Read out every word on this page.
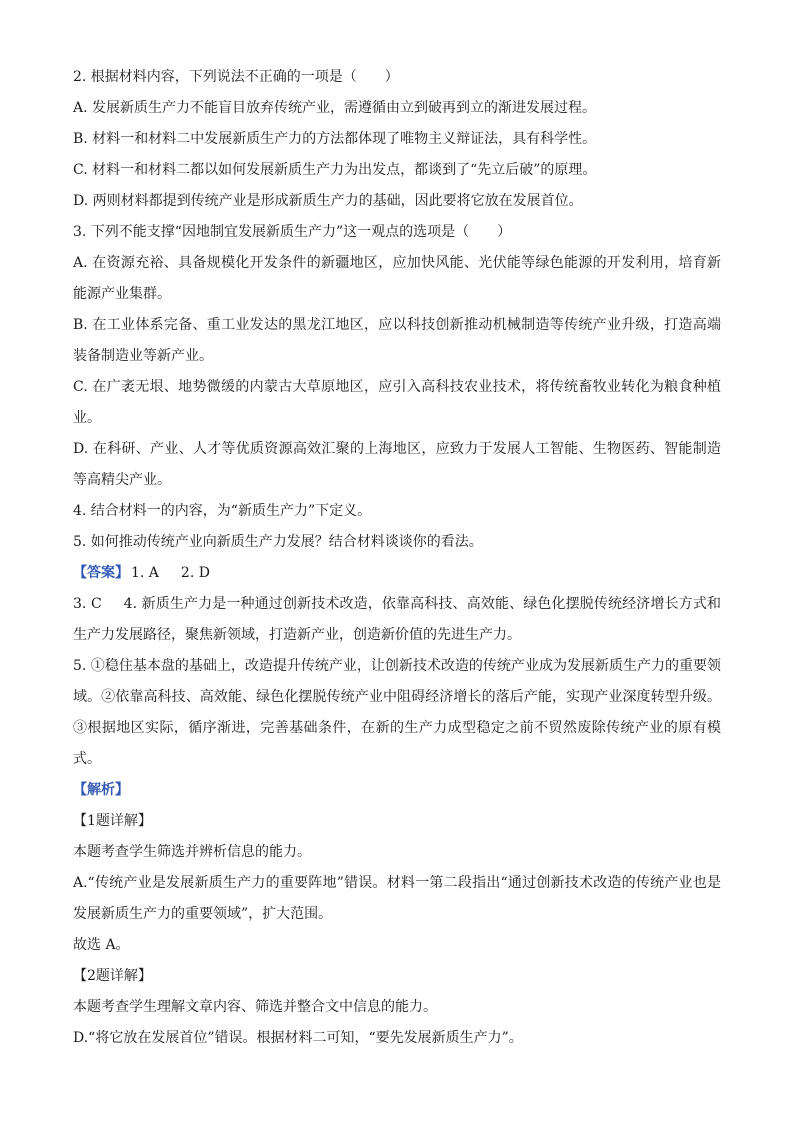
2. 根据材料内容，下列说法不正确的一项是（　　）
A. 发展新质生产力不能盲目放弃传统产业，需遵循由立到破再到立的渐进发展过程。
B. 材料一和材料二中发展新质生产力的方法都体现了唯物主义辩证法，具有科学性。
C. 材料一和材料二都以如何发展新质生产力为出发点，都谈到了“先立后破”的原理。
D. 两则材料都提到传统产业是形成新质生产力的基础，因此要将它放在发展首位。
3. 下列不能支撑“因地制宜发展新质生产力”这一观点的选项是（　　）
A. 在资源充裕、具备规模化开发条件的新疆地区，应加快风能、光伏能等绿色能源的开发利用，培育新能源产业集群。
B. 在工业体系完备、重工业发达的黑龙江地区，应以科技创新推动机械制造等传统产业升级，打造高端装备制造业等新产业。
C. 在广袤无垠、地势微缓的内蒙古大草原地区，应引入高科技农业技术，将传统畜牧业转化为粮食种植业。
D. 在科研、产业、人才等优质资源高效汇聚的上海地区，应致力于发展人工智能、生物医药、智能制造等高精尖产业。
4. 结合材料一的内容，为“新质生产力”下定义。
5. 如何推动传统产业向新质生产力发展？结合材料谈谈你的看法。
【答案】 1. A 2. D
3. C 4. 新质生产力是一种通过创新技术改造，依靠高科技、高效能、绿色化摆脱传统经济增长方式和生产力发展路径，聚焦新领域，打造新产业，创造新价值的先进生产力。
5. ①稳住基本盘的基础上，改造提升传统产业，让创新技术改造的传统产业成为发展新质生产力的重要领域。②依靠高科技、高效能、绿色化摆脱传统产业中阻碍经济增长的落后产能，实现产业深度转型升级。③根据地区实际，循序渐进，完善基础条件，在新的生产力成型稳定之前不贸然废除传统产业的原有模式。
【解析】
【1题详解】
本题考查学生筛选并辨析信息的能力。
A.“传统产业是发展新质生产力的重要阵地”错误。材料一第二段指出“通过创新技术改造的传统产业也是发展新质生产力的重要领域”，扩大范围。
故选 A。
【2题详解】
本题考查学生理解文章内容、筛选并整合文中信息的能力。
D.“将它放在发展首位”错误。根据材料二可知，“要先发展新质生产力”。
